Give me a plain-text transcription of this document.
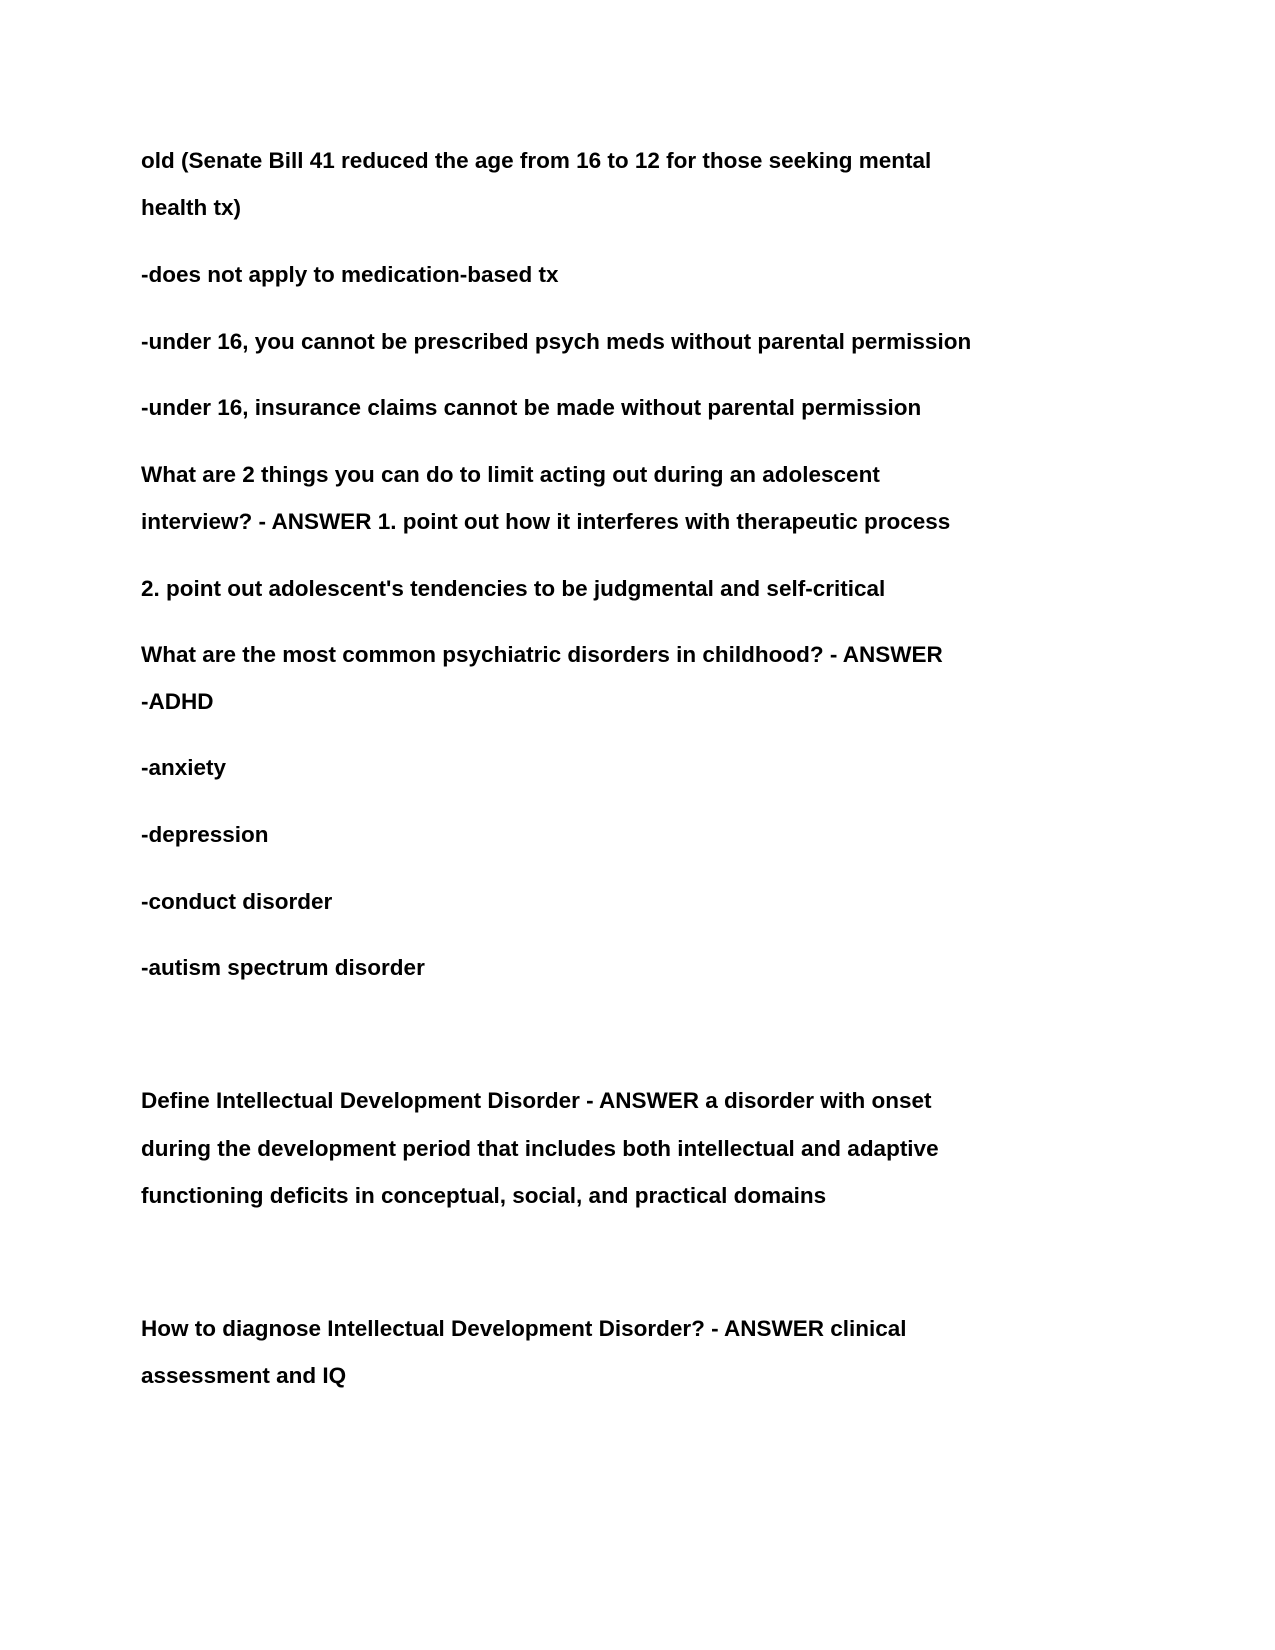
old (Senate Bill 41 reduced the age from 16 to 12 for those seeking mental
health tx)
-does not apply to medication-based tx
-under 16, you cannot be prescribed psych meds without parental permission
-under 16, insurance claims cannot be made without parental permission
What are 2 things you can do to limit acting out during an adolescent
interview? - ANSWER 1. point out how it interferes with therapeutic process
2. point out adolescent's tendencies to be judgmental and self-critical
What are the most common psychiatric disorders in childhood? - ANSWER
-ADHD
-anxiety
-depression
-conduct disorder
-autism spectrum disorder
Define Intellectual Development Disorder - ANSWER a disorder with onset
during the development period that includes both intellectual and adaptive
functioning deficits in conceptual, social, and practical domains
How to diagnose Intellectual Development Disorder? - ANSWER clinical
assessment and IQ
